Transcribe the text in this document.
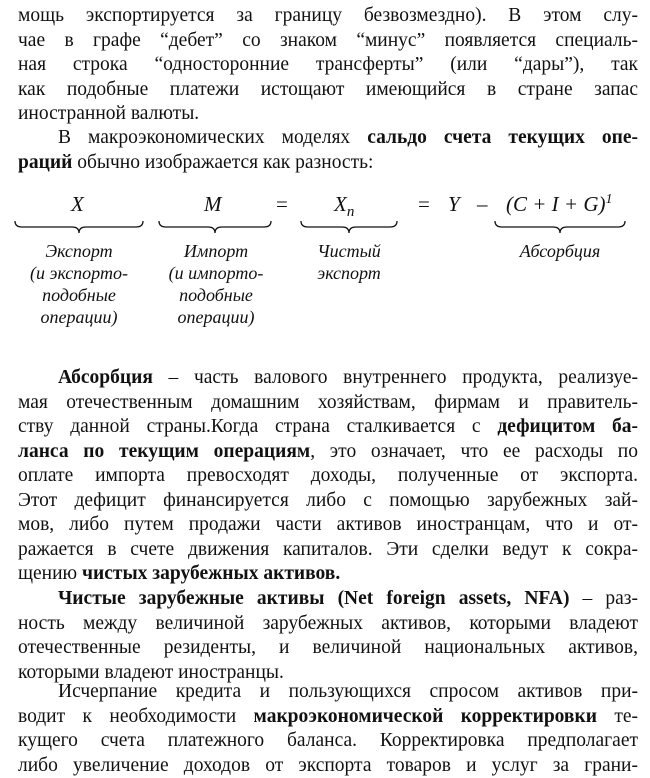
мощь экспортируется за границу безвозмездно). В этом слу-
чае в графе “дебет” со знаком “минус” появляется специаль-
ная строка “односторонние трансферты” (или “дары”), так
как подобные платежи истощают имеющийся в стране запас
иностранной валюты.
В макроэкономических моделях сальдо счета текущих опе-
раций обычно изображается как разность:
X	M	= $X_n$	= $Y - (C + I + G)^1$
Экспорт
(и экспорто-
подобные
операции)
Импорт
(и импорто-
подобные
операции)
Чистый
экспорт
Абсорбция
Абсорбция – часть валового внутреннего продукта, реализуе-
мая отечественным домашним хозяйствам, фирмам и правитель-
ству данной страны.Когда страна сталкивается с дефицитом ба-
ланса по текущим операциям, это означает, что ее расходы по
оплате импорта превосходят доходы, полученные от экспорта.
Этот дефицит финансируется либо с помощью зарубежных зай-
мов, либо путем продажи части активов иностранцам, что и от-
ражается в счете движения капиталов. Эти сделки ведут к сокра-
щению чистых зарубежных активов.
Чистые зарубежные активы (Net foreign assets, NFA) – раз-
ность между величиной зарубежных активов, которыми владеют
отечественные резиденты, и величиной национальных активов,
которыми владеют иностранцы.
Исчерпание кредита и пользующихся спросом активов при-
водит к необходимости макроэкономической корректировки те-
кущего счета платежного баланса. Корректировка предполагает
либо увеличение доходов от экспорта товаров и услуг за грани-
